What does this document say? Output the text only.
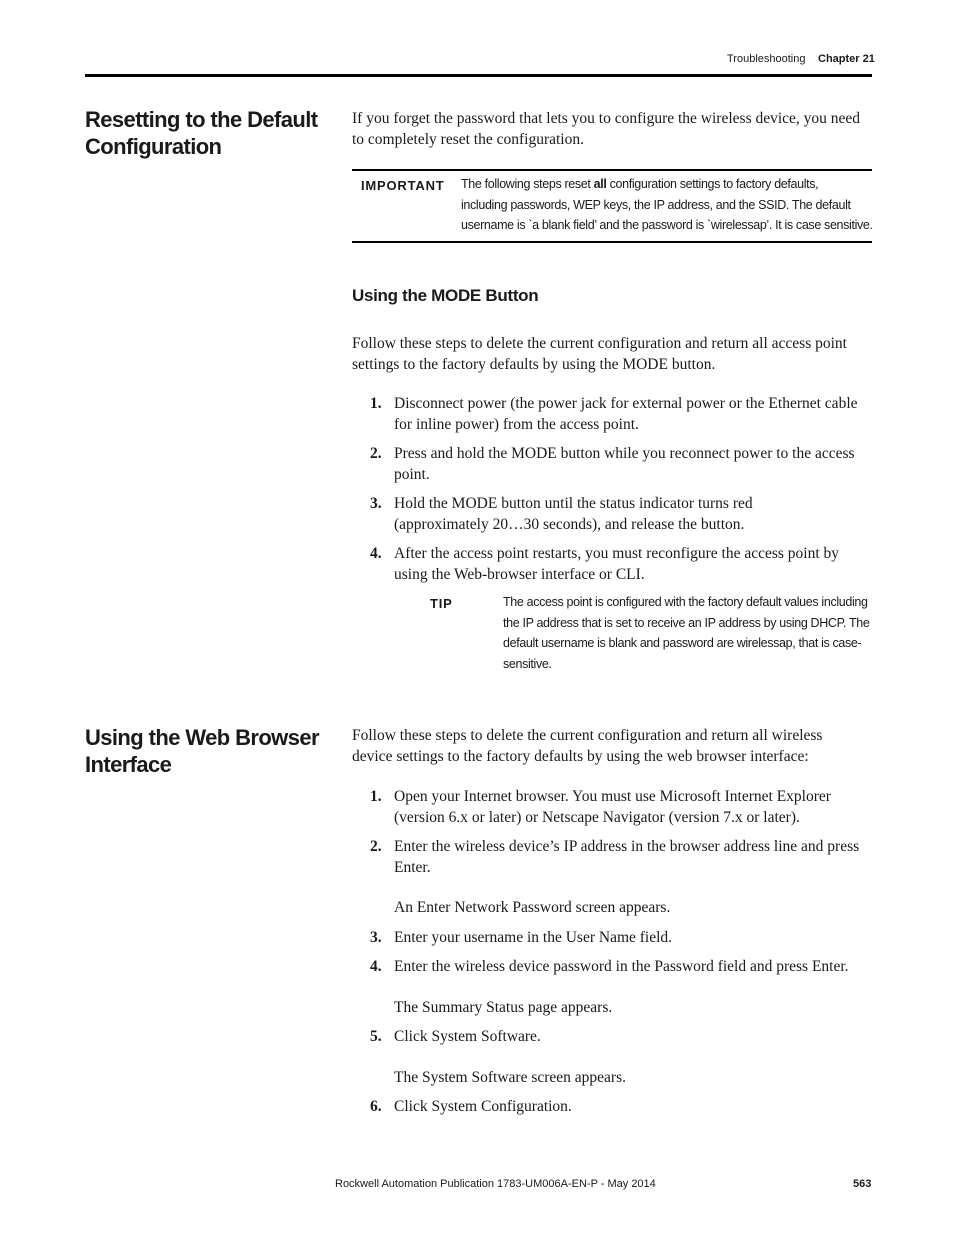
Troubleshooting Chapter 21
Resetting to the Default
Configuration
If you forget the password that lets you to configure the wireless device, you need
to completely reset the configuration.
IMPORTANT The following steps reset all configuration settings to factory defaults,
including passwords, WEP keys, the IP address, and the SSID. The default
username is `a blank field’ and the password is `wirelessap’. It is case sensitive.
Using the MODE Button
Follow these steps to delete the current configuration and return all access point
settings to the factory defaults by using the MODE button.
1. Disconnect power (the power jack for external power or the Ethernet cable
for inline power) from the access point.
2. Press and hold the MODE button while you reconnect power to the access
point.
3. Hold the MODE button until the status indicator turns red
(approximately 20…30 seconds), and release the button.
4. After the access point restarts, you must reconfigure the access point by
using the Web-browser interface or CLI.
TIP	The access point is configured with the factory default values including
the IP address that is set to receive an IP address by using DHCP. The
default username is blank and password are wirelessap, that is case-
sensitive.
Using the Web Browser
Interface
Follow these steps to delete the current configuration and return all wireless
device settings to the factory defaults by using the web browser interface:
1. Open your Internet browser. You must use Microsoft Internet Explorer
(version 6.x or later) or Netscape Navigator (version 7.x or later).
2. Enter the wireless device’s IP address in the browser address line and press
Enter.
An Enter Network Password screen appears.
3. Enter your username in the User Name field.
4. Enter the wireless device password in the Password field and press Enter.
The Summary Status page appears.
5. Click System Software.
The System Software screen appears.
6. Click System Configuration.
Rockwell Automation Publication 1783-UM006A-EN-P - May 2014	563
